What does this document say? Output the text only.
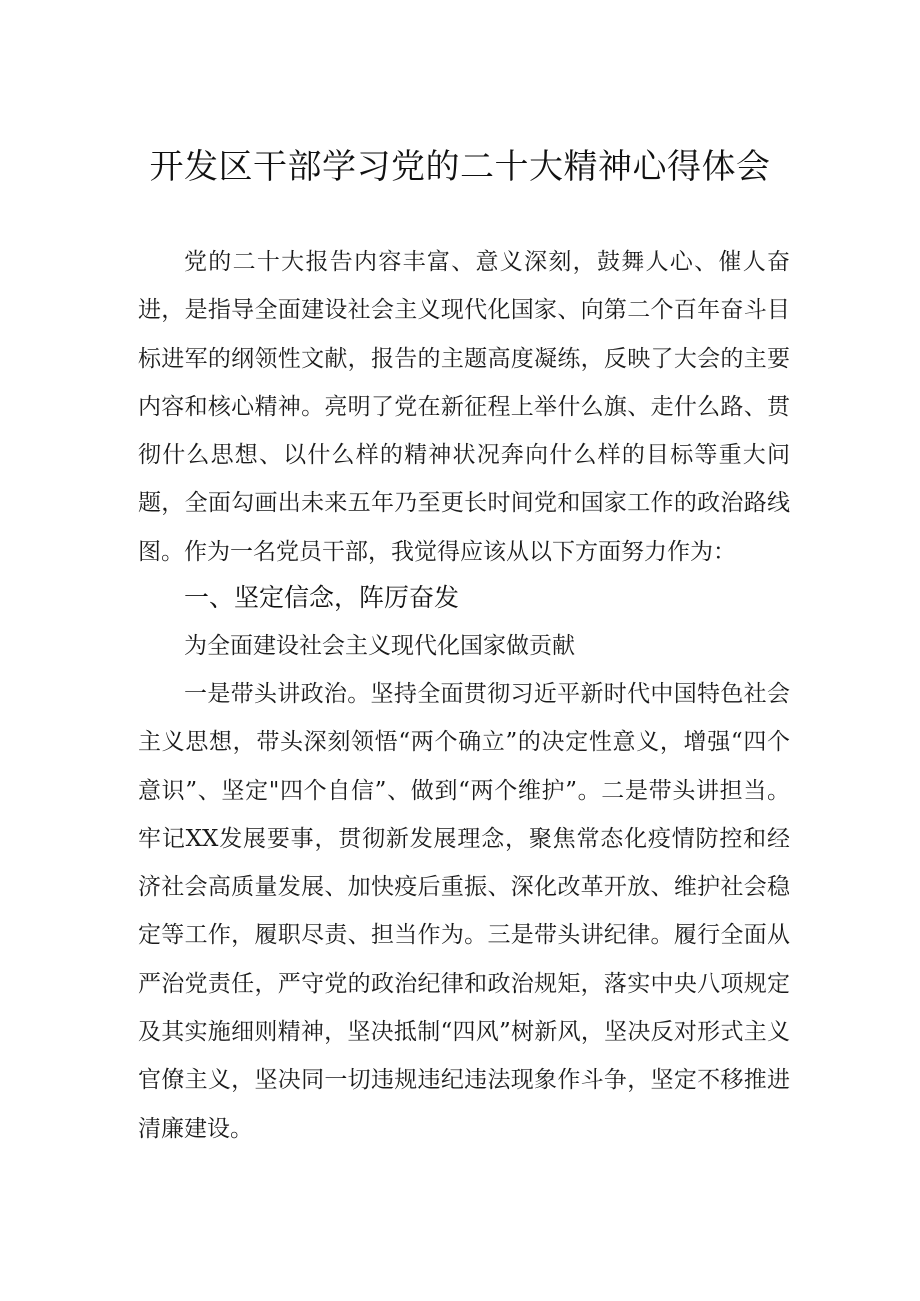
开发区干部学习党的二十大精神心得体会

党的二十大报告内容丰富、意义深刻，鼓舞人心、催人奋进，是指导全面建设社会主义现代化国家、向第二个百年奋斗目标进军的纲领性文献，报告的主题高度凝练，反映了大会的主要内容和核心精神。亮明了党在新征程上举什么旗、走什么路、贯彻什么思想、以什么样的精神状况奔向什么样的目标等重大问题，全面勾画出未来五年乃至更长时间党和国家工作的政治路线图。作为一名党员干部，我觉得应该从以下方面努力作为：

一、坚定信念，阵厉奋发
为全面建设社会主义现代化国家做贡献

一是带头讲政治。坚持全面贯彻习近平新时代中国特色社会主义思想，带头深刻领悟“两个确立”的决定性意义，增强“四个意识”、坚定"四个自信”、做到“两个维护”。二是带头讲担当。牢记XX发展要事，贯彻新发展理念，聚焦常态化疫情防控和经济社会高质量发展、加快疫后重振、深化改革开放、维护社会稳定等工作，履职尽责、担当作为。三是带头讲纪律。履行全面从严治党责任，严守党的政治纪律和政治规矩，落实中央八项规定及其实施细则精神，坚决抵制“四风”树新风，坚决反对形式主义官僚主义，坚决同一切违规违纪违法现象作斗争，坚定不移推进清廉建设。
